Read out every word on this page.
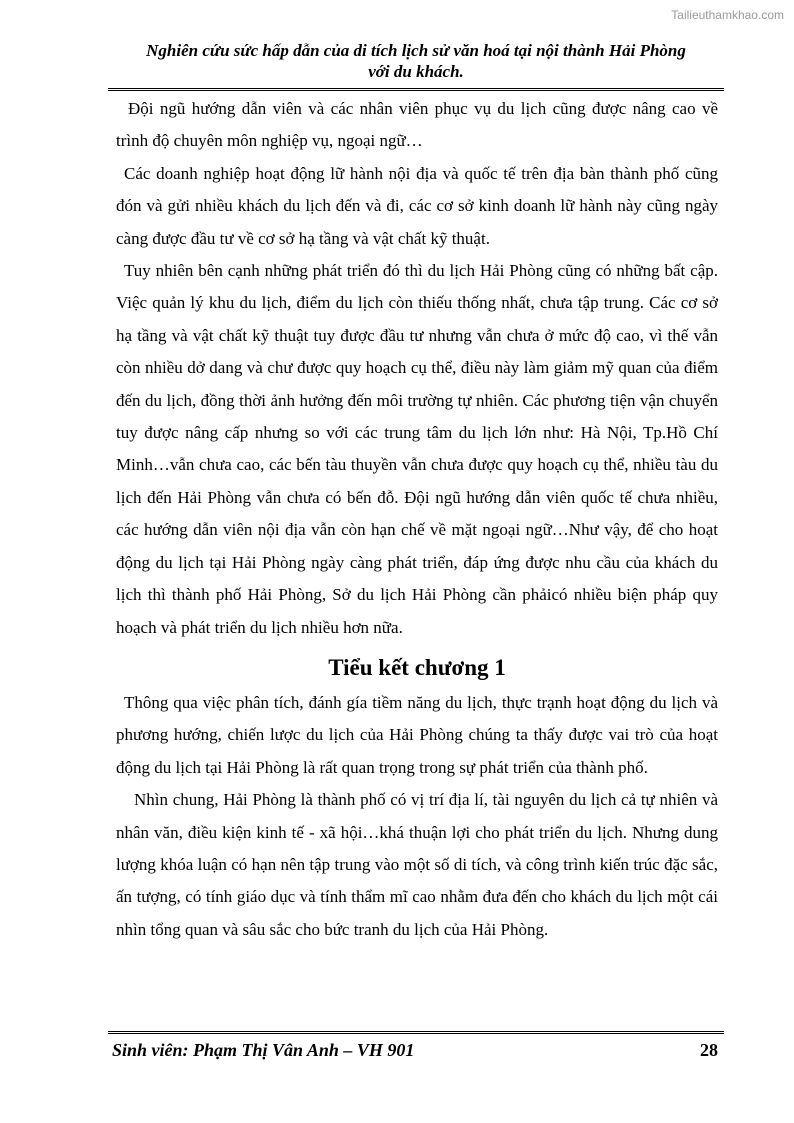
Tailieuthamkhao.com
Nghiên cứu sức hấp dẫn của di tích lịch sử văn hoá tại nội thành Hải Phòng
với du khách.

Đội ngũ hướng dẫn viên và các nhân viên phục vụ du lịch cũng được nâng cao về trình độ chuyên môn nghiệp vụ, ngoại ngữ…

Các doanh nghiệp hoạt động lữ hành nội địa và quốc tế trên địa bàn thành phố cũng đón và gửi nhiều khách du lịch đến và đi, các cơ sở kinh doanh lữ hành này cũng ngày càng được đầu tư về cơ sở hạ tầng và vật chất kỹ thuật.

Tuy nhiên bên cạnh những phát triển đó thì du lịch Hải Phòng cũng có những bất cập. Việc quản lý khu du lịch, điểm du lịch còn thiếu thống nhất, chưa tập trung. Các cơ sở hạ tầng và vật chất kỹ thuật tuy được đầu tư nhưng vẫn chưa ở mức độ cao, vì thế vẫn còn nhiều dở dang và chư được quy hoạch cụ thể, điều này làm giảm mỹ quan của điểm đến du lịch, đồng thời ảnh hưởng đến môi trường tự nhiên. Các phương tiện vận chuyển tuy được nâng cấp nhưng so với các trung tâm du lịch lớn như: Hà Nội, Tp.Hồ Chí Minh…vẫn chưa cao, các bến tàu thuyền vẫn chưa được quy hoạch cụ thể, nhiều tàu du lịch đến Hải Phòng vẫn chưa có bến đỗ. Đội ngũ hướng dẫn viên quốc tế chưa nhiều, các hướng dẫn viên nội địa vẫn còn hạn chế về mặt ngoại ngữ…Như vậy, để cho hoạt động du lịch tại Hải Phòng ngày càng phát triển, đáp ứng được nhu cầu của khách du lịch thì thành phố Hải Phòng, Sở du lịch Hải Phòng cần phảicó nhiều biện pháp quy hoạch và phát triển du lịch nhiều hơn nữa.

Tiểu kết chương 1

Thông qua việc phân tích, đánh gía tiềm năng du lịch, thực trạnh hoạt động du lịch và phương hướng, chiến lược du lịch của Hải Phòng chúng ta thấy được vai trò của hoạt động du lịch tại Hải Phòng là rất quan trọng trong sự phát triển của thành phố.

Nhìn chung, Hải Phòng là thành phố có vị trí địa lí, tài nguyên du lịch cả tự nhiên và nhân văn, điều kiện kinh tế - xã hội…khá thuận lợi cho phát triển du lịch. Nhưng dung lượng khóa luận có hạn nên tập trung vào một số di tích, và công trình kiến trúc đặc sắc, ấn tượng, có tính giáo dục và tính thẩm mĩ cao nhằm đưa đến cho khách du lịch một cái nhìn tổng quan và sâu sắc cho bức tranh du lịch của Hải Phòng.

Sinh viên: Phạm Thị Vân Anh – VH 901	28
